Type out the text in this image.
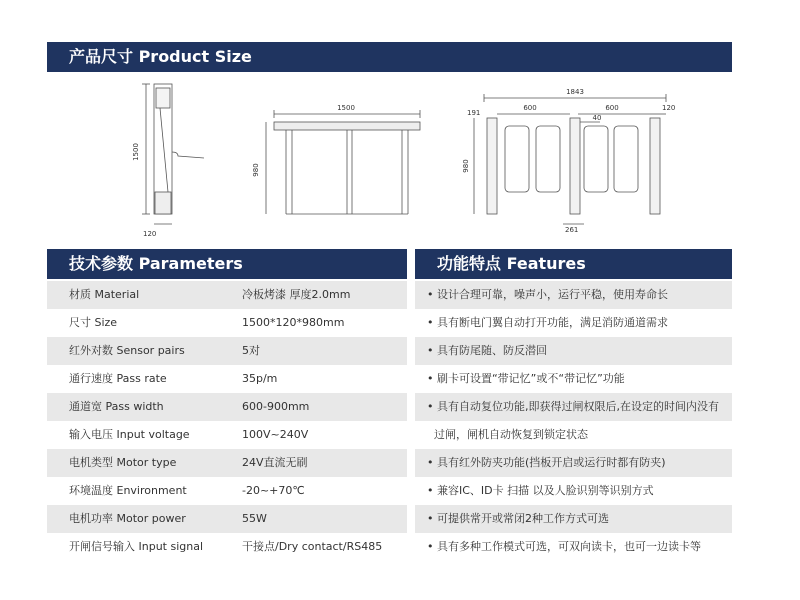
产品尺寸 Product Size
1500
120
1500
980
1843
600	600
40
120
191
980
261
技术参数 Parameters	功能特点 Features
材质 Material	冷板烤漆 厚度2.0mm
尺寸 Size	1500*120*980mm
红外对数 Sensor pairs	5对
通行速度 Pass rate	35p/m
通道宽 Pass width	600-900mm
输入电压 Input voltage	100V~240V
电机类型 Motor type	24V直流无刷
环境温度 Environment	-20~+70℃
电机功率 Motor power	55W
开闸信号输入 Input signal	干接点/Dry contact/RS485
• 设计合理可靠，噪声小，运行平稳，使用寿命长
• 具有断电门翼自动打开功能，满足消防通道需求
• 具有防尾随、防反潜回
• 刷卡可设置“带记忆”或不“带记忆”功能
• 具有自动复位功能,即获得过闸权限后,在设定的时间内没有
过闸，闸机自动恢复到锁定状态
• 具有红外防夹功能(挡板开启或运行时都有防夹)
• 兼容IC、ID卡 扫描 以及人脸识别等识别方式
• 可提供常开或常闭2种工作方式可选
• 具有多种工作模式可选，可双向读卡，也可一边读卡等
